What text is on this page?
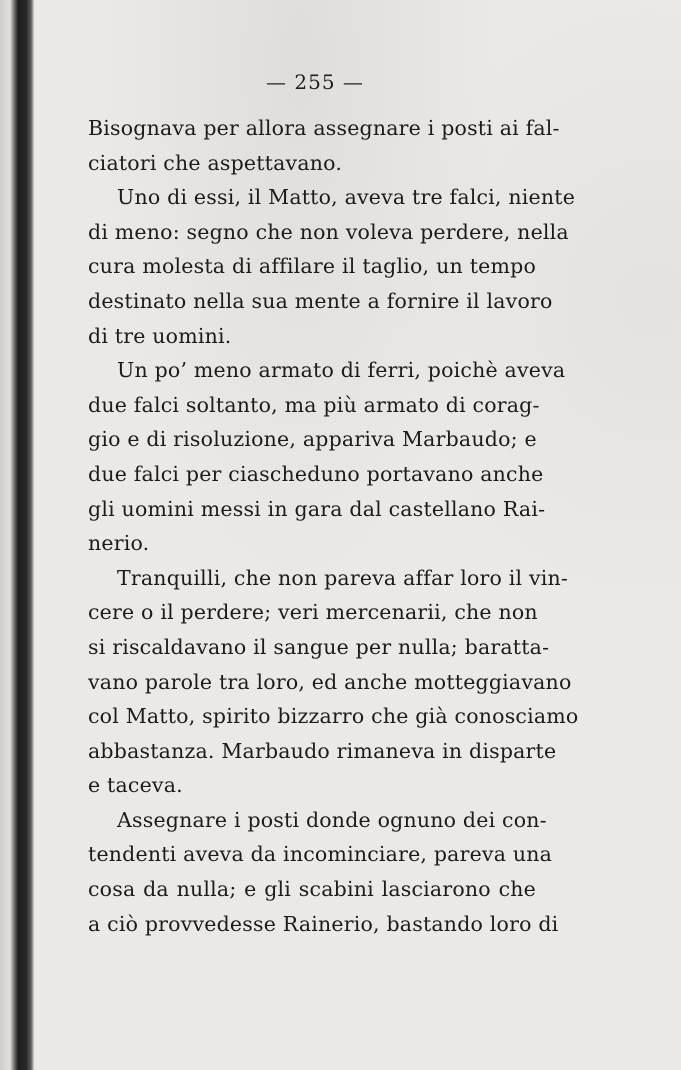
— 255 —
Bisognava per allora assegnare i posti ai fal-
ciatori che aspettavano.
Uno di essi, il Matto, aveva tre falci, niente
di meno: segno che non voleva perdere, nella
cura molesta di affilare il taglio, un tempo
destinato nella sua mente a fornire il lavoro
di tre uomini.
Un po’ meno armato di ferri, poichè aveva
due falci soltanto, ma più armato di corag-
gio e di risoluzione, appariva Marbaudo; e
due falci per ciascheduno portavano anche
gli uomini messi in gara dal castellano Rai-
nerio.
Tranquilli, che non pareva affar loro il vin-
cere o il perdere; veri mercenarii, che non
si riscaldavano il sangue per nulla; baratta-
vano parole tra loro, ed anche motteggiavano
col Matto, spirito bizzarro che già conosciamo
abbastanza. Marbaudo rimaneva in disparte
e taceva.
Assegnare i posti donde ognuno dei con-
tendenti aveva da incominciare, pareva una
cosa da nulla; e gli scabini lasciarono che
a ciò provvedesse Rainerio, bastando loro di
